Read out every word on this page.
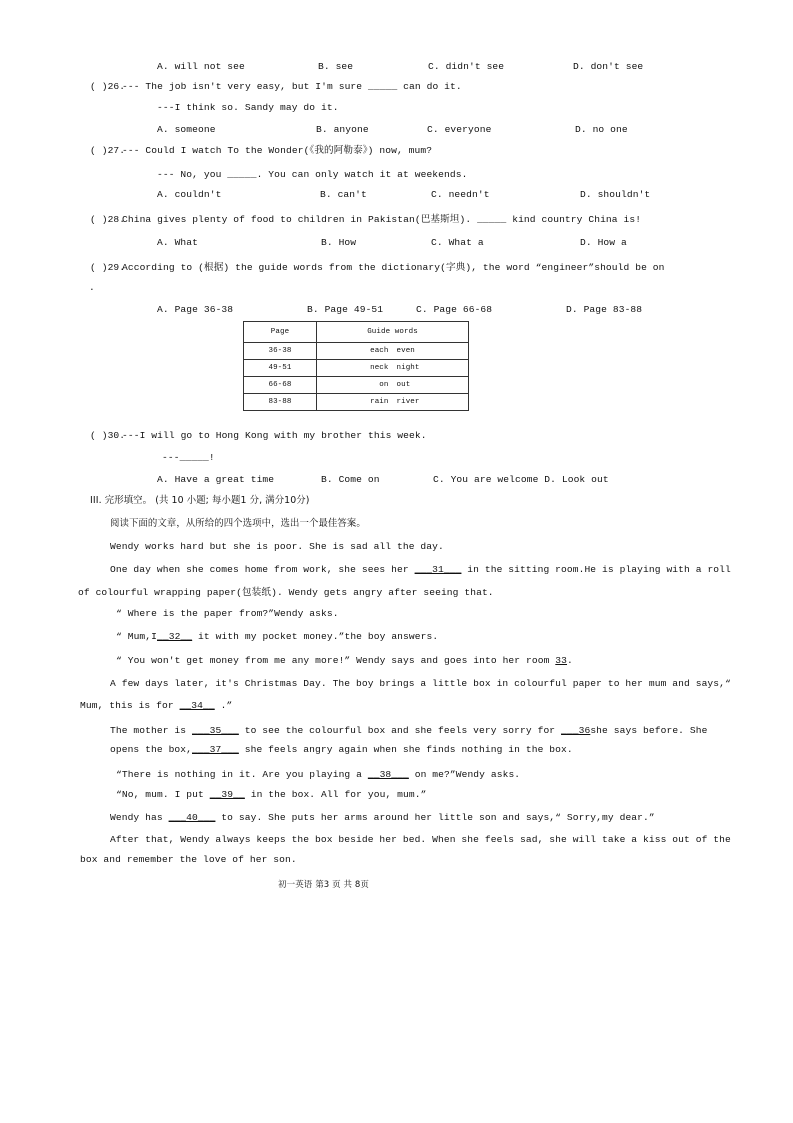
A. will not see	B. see	C. didn't see	D. don't see
( )26.--- The job isn't very easy, but I'm sure _____ can do it.
---I think so. Sandy may do it.
A. someone	B. anyone	C. everyone	D. no one
( )27.--- Could I watch To the Wonder(《我的阿勒泰》) now, mum?
--- No, you _____. You can only watch it at weekends.
A. couldn't	B. can't	C. needn't	D. shouldn't
( )28.China gives plenty of food to children in Pakistan(巴基斯坦). _____ kind country China is!
A. What	B. How	C. What a	D. How a
( )29.According to (根据) the guide words from the dictionary(字典), the word “engineer”should be on
.
A. Page 36-38	B. Page 49-51	C. Page 66-68	D. Page 83-88
Page	Guide words
36-38	each even
49-51	neck night
66-68	on out
83-88	rain river
( )30.---I will go to Hong Kong with my brother this week.
---_____!
A. Have a great time	B. Come on	C. You are welcome D. Look out
III. 完形填空。 (共 10 小题; 每小题1 分, 满分10分)
阅读下面的文章，从所给的四个选项中，选出一个最佳答案。
Wendy works hard but she is poor. She is sad all the day.
One day when she comes home from work, she sees her ___31___ in the sitting room.He is playing with a roll
of colourful wrapping paper(包装纸). Wendy gets angry after seeing that.
“ Where is the paper from?”Wendy asks.
“ Mum,I__32__ it with my pocket money.”the boy answers.
“ You won't get money from me any more!” Wendy says and goes into her room 33.
A few days later, it's Christmas Day. The boy brings a little box in colourful paper to her mum and says,“
Mum, this is for __34__ .”
The mother is ___35___ to see the colourful box and she feels very sorry for ___36she says before. She
opens the box,___37___ she feels angry again when she finds nothing in the box.
“There is nothing in it. Are you playing a __38___ on me?”Wendy asks.
“No, mum. I put __39__ in the box. All for you, mum.”
Wendy has ___40___ to say. She puts her arms around her little son and says,“ Sorry,my dear.”
After that, Wendy always keeps the box beside her bed. When she feels sad, she will take a kiss out of the
box and remember the love of her son.
初一英语 第3 页 共 8页
